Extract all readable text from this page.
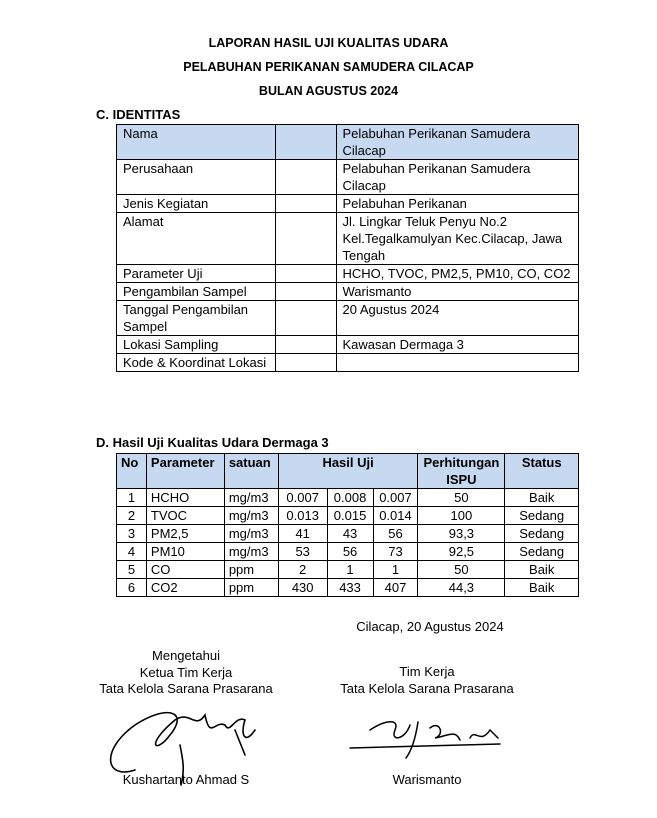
LAPORAN HASIL UJI KUALITAS UDARA
PELABUHAN PERIKANAN SAMUDERA CILACAP
BULAN AGUSTUS 2024
C. IDENTITAS
Nama		Pelabuhan Perikanan Samudera Cilacap
Perusahaan		Pelabuhan Perikanan Samudera Cilacap
Jenis Kegiatan		Pelabuhan Perikanan
Alamat		Jl. Lingkar Teluk Penyu No.2 Kel.Tegalkamulyan Kec.Cilacap, Jawa Tengah
Parameter Uji		HCHO, TVOC, PM2,5, PM10, CO, CO2
Pengambilan Sampel		Warismanto
Tanggal Pengambilan Sampel		20 Agustus 2024
Lokasi Sampling		Kawasan Dermaga 3
Kode & Koordinat Lokasi		
D. Hasil Uji Kualitas Udara Dermaga 3
No	Parameter	satuan	Hasil Uji			Perhitungan ISPU	Status
1	HCHO	mg/m3	0.007	0.008	0.007	50	Baik
2	TVOC	mg/m3	0.013	0.015	0.014	100	Sedang
3	PM2,5	mg/m3	41	43	56	93,3	Sedang
4	PM10	mg/m3	53	56	73	92,5	Sedang
5	CO	ppm	2	1	1	50	Baik
6	CO2	ppm	430	433	407	44,3	Baik
Cilacap, 20 Agustus 2024
Mengetahui
Ketua Tim Kerja
Tata Kelola Sarana Prasarana
Tim Kerja
Tata Kelola Sarana Prasarana
Kushartanto Ahmad S	Warismanto
